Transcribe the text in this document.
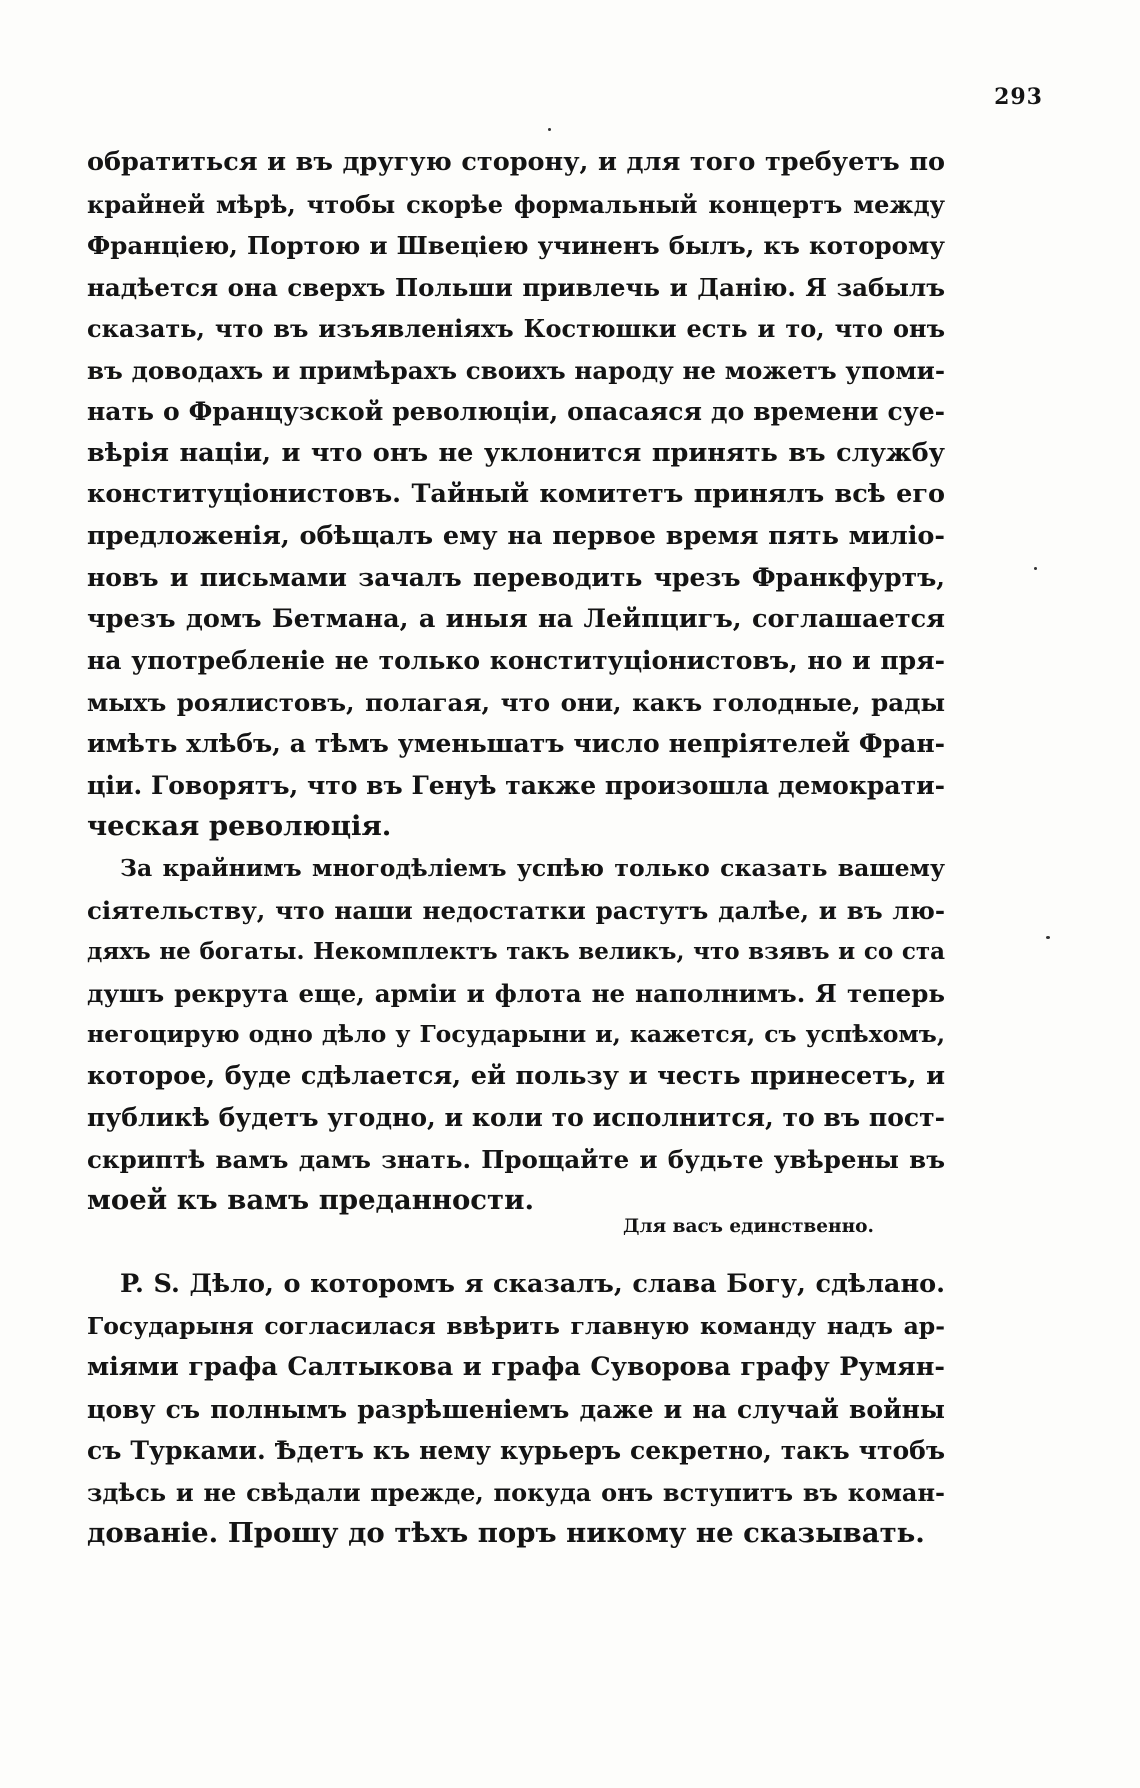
293
обратиться и въ другую сторону, и для того требуетъ по
крайней мѣрѣ, чтобы скорѣе формальный концертъ между
Франціею, Портою и Швеціею учиненъ былъ, къ которому
надѣется она сверхъ Польши привлечь и Данію. Я забылъ
сказать, что въ изъявленіяхъ Костюшки есть и то, что онъ
въ доводахъ и примѣрахъ своихъ народу не можетъ упоми-
нать о Французской революціи, опасаяся до времени суе-
вѣрія націи, и что онъ не уклонится принять въ службу
конституціонистовъ. Тайный комитетъ принялъ всѣ его
предложенія, обѣщалъ ему на первое время пять миліо-
новъ и письмами зачалъ переводить чрезъ Франкфуртъ,
чрезъ домъ Бетмана, а иныя на Лейпцигъ, соглашается
на употребленіе не только конституціонистовъ, но и пря-
мыхъ роялистовъ, полагая, что они, какъ голодные, рады
имѣть хлѣбъ, а тѣмъ уменьшатъ число непріятелей Фран-
ціи. Говорятъ, что въ Генуѣ также произошла демократи-
ческая революція.
За крайнимъ многодѣліемъ успѣю только сказать вашему
сіятельству, что наши недостатки растутъ далѣе, и въ лю-
дяхъ не богаты. Некомплектъ такъ великъ, что взявъ и со ста
душъ рекрута еще, арміи и флота не наполнимъ. Я теперь
негоцирую одно дѣло у Государыни и, кажется, съ успѣхомъ,
которое, буде сдѣлается, ей пользу и честь принесетъ, и
публикѣ будетъ угодно, и коли то исполнится, то въ пост-
скриптѣ вамъ дамъ знать. Прощайте и будьте увѣрены въ
моей къ вамъ преданности.
Для васъ единственно.
P. S. Дѣло, о которомъ я сказалъ, слава Богу, сдѣлано.
Государыня согласилася ввѣрить главную команду надъ ар-
міями графа Салтыкова и графа Суворова графу Румян-
цову съ полнымъ разрѣшеніемъ даже и на случай войны
съ Турками. Ѣдетъ къ нему курьеръ секретно, такъ чтобъ
здѣсь и не свѣдали прежде, покуда онъ вступитъ въ коман-
дованіе. Прошу до тѣхъ поръ никому не сказывать.
